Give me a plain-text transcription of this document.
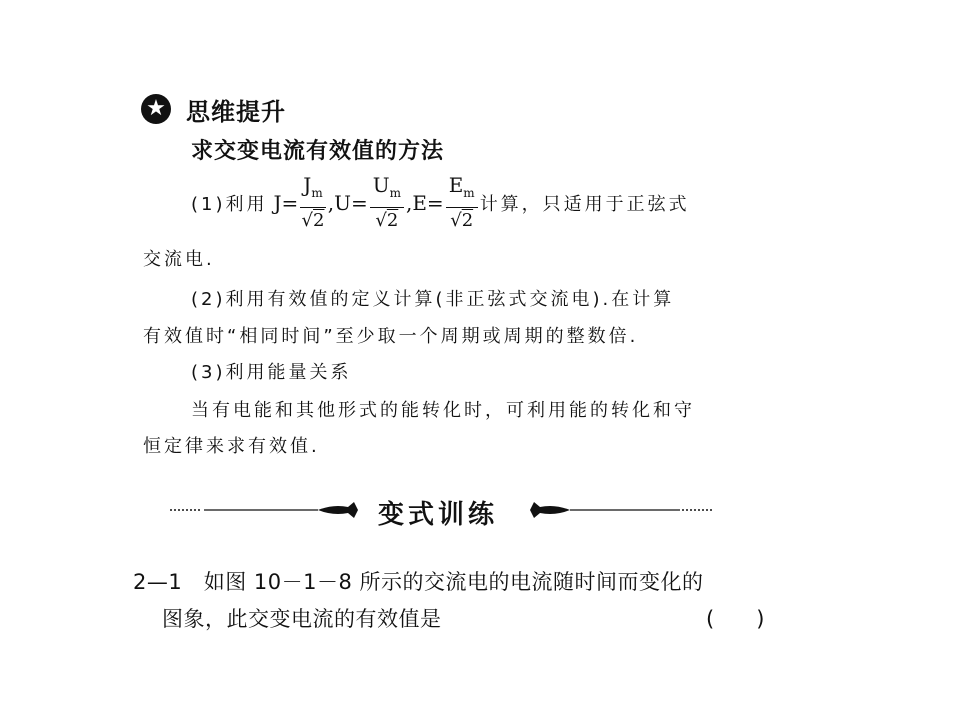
★ 思维提升
求交变电流有效值的方法
(1)利用 $J = \frac{J_m}{√2}$ , $U = \frac{U_m}{√2}$ , $E = \frac{E_m}{√2}$ 计算，只适用于正弦式
交流电.
(2)利用有效值的定义计算(非正弦式交流电).在计算
有效值时“相同时间”至少取一个周期或周期的整数倍.
(3)利用能量关系
当有电能和其他形式的能转化时，可利用能的转化和守
恒定律来求有效值.
变式训练
2—1　如图 10－1－8 所示的交流电的电流随时间而变化的
图象，此交变电流的有效值是	(　　)
